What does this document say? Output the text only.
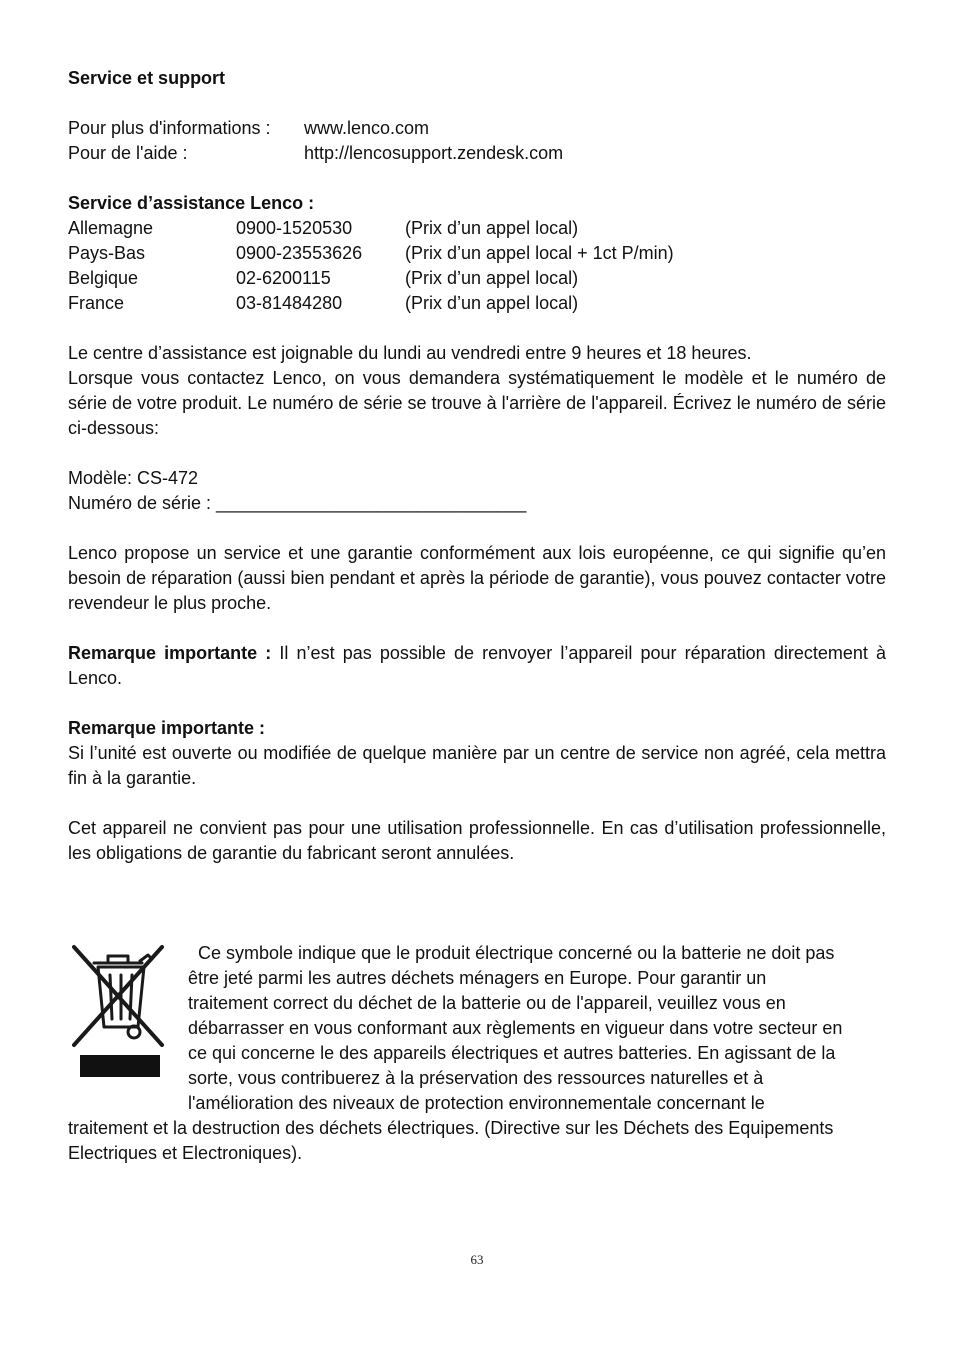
Service et support

Pour plus d'informations :	www.lenco.com
Pour de l'aide :	http://lencosupport.zendesk.com

Service d’assistance Lenco :

Allemagne	0900-1520530	(Prix d’un appel local)
Pays-Bas	0900-23553626	(Prix d’un appel local + 1ct P/min)
Belgique	02-6200115	(Prix d’un appel local)
France	03-81484280	(Prix d’un appel local)

Le centre d’assistance est joignable du lundi au vendredi entre 9 heures et 18 heures.

Lorsque vous contactez Lenco, on vous demandera systématiquement le modèle et le numéro de série de votre produit. Le numéro de série se trouve à l'arrière de l'appareil. Écrivez le numéro de série ci-dessous:

Modèle: CS-472

Numéro de série : _______________________________

Lenco propose un service et une garantie conformément aux lois européenne, ce qui signifie qu’en besoin de réparation (aussi bien pendant et après la période de garantie), vous pouvez contacter votre revendeur le plus proche.

Remarque importante : Il n’est pas possible de renvoyer l’appareil pour réparation directement à Lenco.

Remarque importante :

Si l’unité est ouverte ou modifiée de quelque manière par un centre de service non agréé, cela mettra fin à la garantie.

Cet appareil ne convient pas pour une utilisation professionnelle. En cas d’utilisation professionnelle, les obligations de garantie du fabricant seront annulées.

Ce symbole indique que le produit électrique concerné ou la batterie ne doit pas

être jeté parmi les autres déchets ménagers en Europe. Pour garantir un

traitement correct du déchet de la batterie ou de l'appareil, veuillez vous en

débarrasser en vous conformant aux règlements en vigueur dans votre secteur en

ce qui concerne le des appareils électriques et autres batteries. En agissant de la

sorte, vous contribuerez à la préservation des ressources naturelles et à

l'amélioration des niveaux de protection environnementale concernant le

traitement et la destruction des déchets électriques. (Directive sur les Déchets des Equipements Electriques et Electroniques).

63
